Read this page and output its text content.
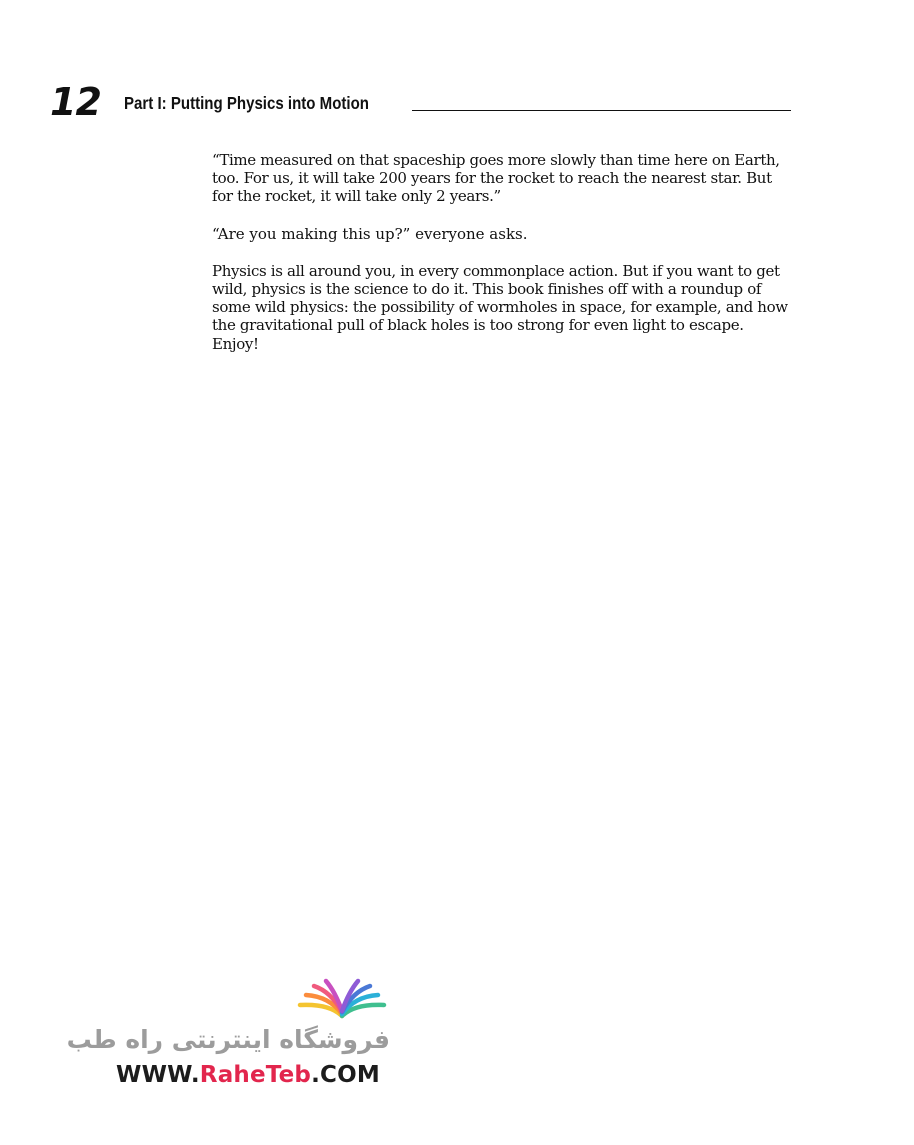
12 Part I: Putting Physics into Motion

“Time measured on that spaceship goes more slowly than time here on Earth, too. For us, it will take 200 years for the rocket to reach the nearest star. But for the rocket, it will take only 2 years.”

“Are you making this up?” everyone asks.

Physics is all around you, in every commonplace action. But if you want to get wild, physics is the science to do it. This book finishes off with a roundup of some wild physics: the possibility of wormholes in space, for example, and how the gravitational pull of black holes is too strong for even light to escape. Enjoy!

فروشگاه اینترنتی راه طب
WWW.RaheTeb.COM
